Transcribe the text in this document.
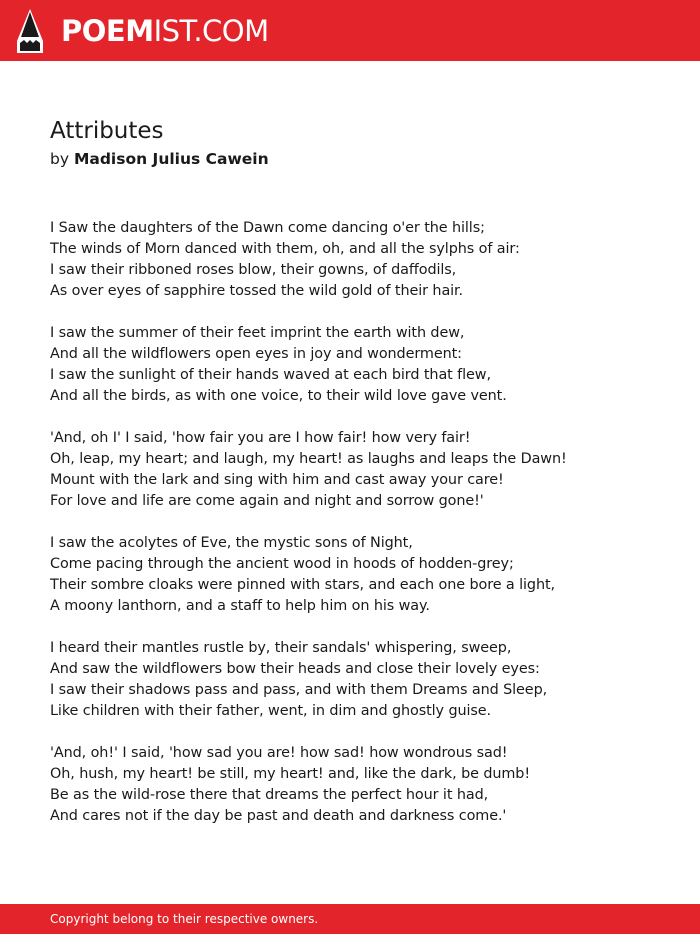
POEMIST.COM
Attributes
by Madison Julius Cawein
I Saw the daughters of the Dawn come dancing o'er the hills;
The winds of Morn danced with them, oh, and all the sylphs of air:
I saw their ribboned roses blow, their gowns, of daffodils,
As over eyes of sapphire tossed the wild gold of their hair.
I saw the summer of their feet imprint the earth with dew,
And all the wildflowers open eyes in joy and wonderment:
I saw the sunlight of their hands waved at each bird that flew,
And all the birds, as with one voice, to their wild love gave vent.
'And, oh I' I said, 'how fair you are I how fair! how very fair!
Oh, leap, my heart; and laugh, my heart! as laughs and leaps the Dawn!
Mount with the lark and sing with him and cast away your care!
For love and life are come again and night and sorrow gone!'
I saw the acolytes of Eve, the mystic sons of Night,
Come pacing through the ancient wood in hoods of hodden-grey;
Their sombre cloaks were pinned with stars, and each one bore a light,
A moony lanthorn, and a staff to help him on his way.
I heard their mantles rustle by, their sandals' whispering, sweep,
And saw the wildflowers bow their heads and close their lovely eyes:
I saw their shadows pass and pass, and with them Dreams and Sleep,
Like children with their father, went, in dim and ghostly guise.
'And, oh!' I said, 'how sad you are! how sad! how wondrous sad!
Oh, hush, my heart! be still, my heart! and, like the dark, be dumb!
Be as the wild-rose there that dreams the perfect hour it had,
And cares not if the day be past and death and darkness come.'
Copyright belong to their respective owners.
